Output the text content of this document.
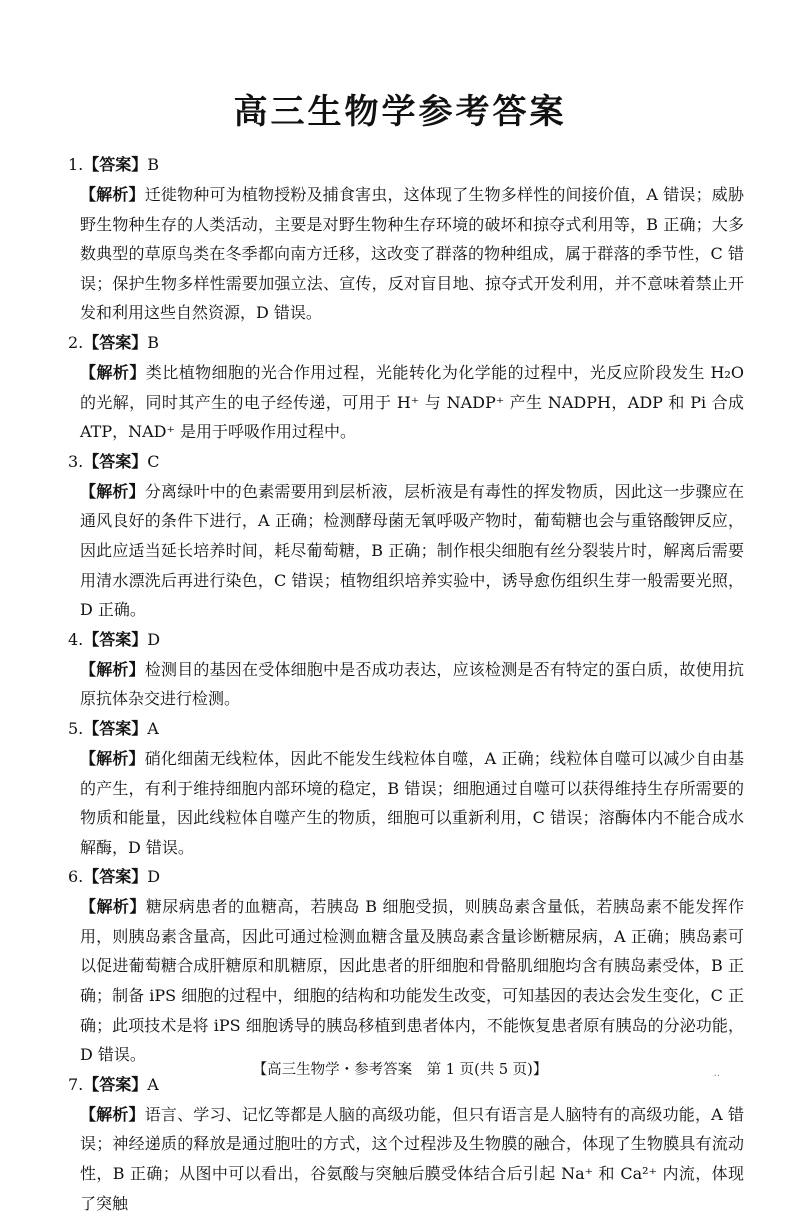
高三生物学参考答案
1.【答案】B

【解析】迁徙物种可为植物授粉及捕食害虫，这体现了生物多样性的间接价值，A 错误；威胁野生物种生存的人类活动，主要是对野生物种生存环境的破坏和掠夺式利用等，B 正确；大多数典型的草原鸟类在冬季都向南方迁移，这改变了群落的物种组成，属于群落的季节性，C 错误；保护生物多样性需要加强立法、宣传，反对盲目地、掠夺式开发利用，并不意味着禁止开发和利用这些自然资源，D 错误。

2.【答案】B

【解析】类比植物细胞的光合作用过程，光能转化为化学能的过程中，光反应阶段发生 H₂O 的光解，同时其产生的电子经传递，可用于 H⁺ 与 NADP⁺ 产生 NADPH，ADP 和 Pi 合成 ATP，NAD⁺ 是用于呼吸作用过程中。

3.【答案】C

【解析】分离绿叶中的色素需要用到层析液，层析液是有毒性的挥发物质，因此这一步骤应在通风良好的条件下进行，A 正确；检测酵母菌无氧呼吸产物时，葡萄糖也会与重铬酸钾反应，因此应适当延长培养时间，耗尽葡萄糖，B 正确；制作根尖细胞有丝分裂装片时，解离后需要用清水漂洗后再进行染色，C 错误；植物组织培养实验中，诱导愈伤组织生芽一般需要光照，D 正确。

4.【答案】D

【解析】检测目的基因在受体细胞中是否成功表达，应该检测是否有特定的蛋白质，故使用抗原抗体杂交进行检测。

5.【答案】A

【解析】硝化细菌无线粒体，因此不能发生线粒体自噬，A 正确；线粒体自噬可以减少自由基的产生，有利于维持细胞内部环境的稳定，B 错误；细胞通过自噬可以获得维持生存所需要的物质和能量，因此线粒体自噬产生的物质，细胞可以重新利用，C 错误；溶酶体内不能合成水解酶，D 错误。

6.【答案】D

【解析】糖尿病患者的血糖高，若胰岛 B 细胞受损，则胰岛素含量低，若胰岛素不能发挥作用，则胰岛素含量高，因此可通过检测血糖含量及胰岛素含量诊断糖尿病，A 正确；胰岛素可以促进葡萄糖合成肝糖原和肌糖原，因此患者的肝细胞和骨骼肌细胞均含有胰岛素受体，B 正确；制备 iPS 细胞的过程中，细胞的结构和功能发生改变，可知基因的表达会发生变化，C 正确；此项技术是将 iPS 细胞诱导的胰岛移植到患者体内，不能恢复患者原有胰岛的分泌功能，D 错误。

7.【答案】A

【解析】语言、学习、记忆等都是人脑的高级功能，但只有语言是人脑特有的高级功能，A 错误；神经递质的释放是通过胞吐的方式，这个过程涉及生物膜的融合，体现了生物膜具有流动性，B 正确；从图中可以看出，谷氨酸与突触后膜受体结合后引起 Na⁺ 和 Ca²⁺ 内流，体现了突触

【高三生物学・参考答案　第 1 页(共 5 页)】	..
